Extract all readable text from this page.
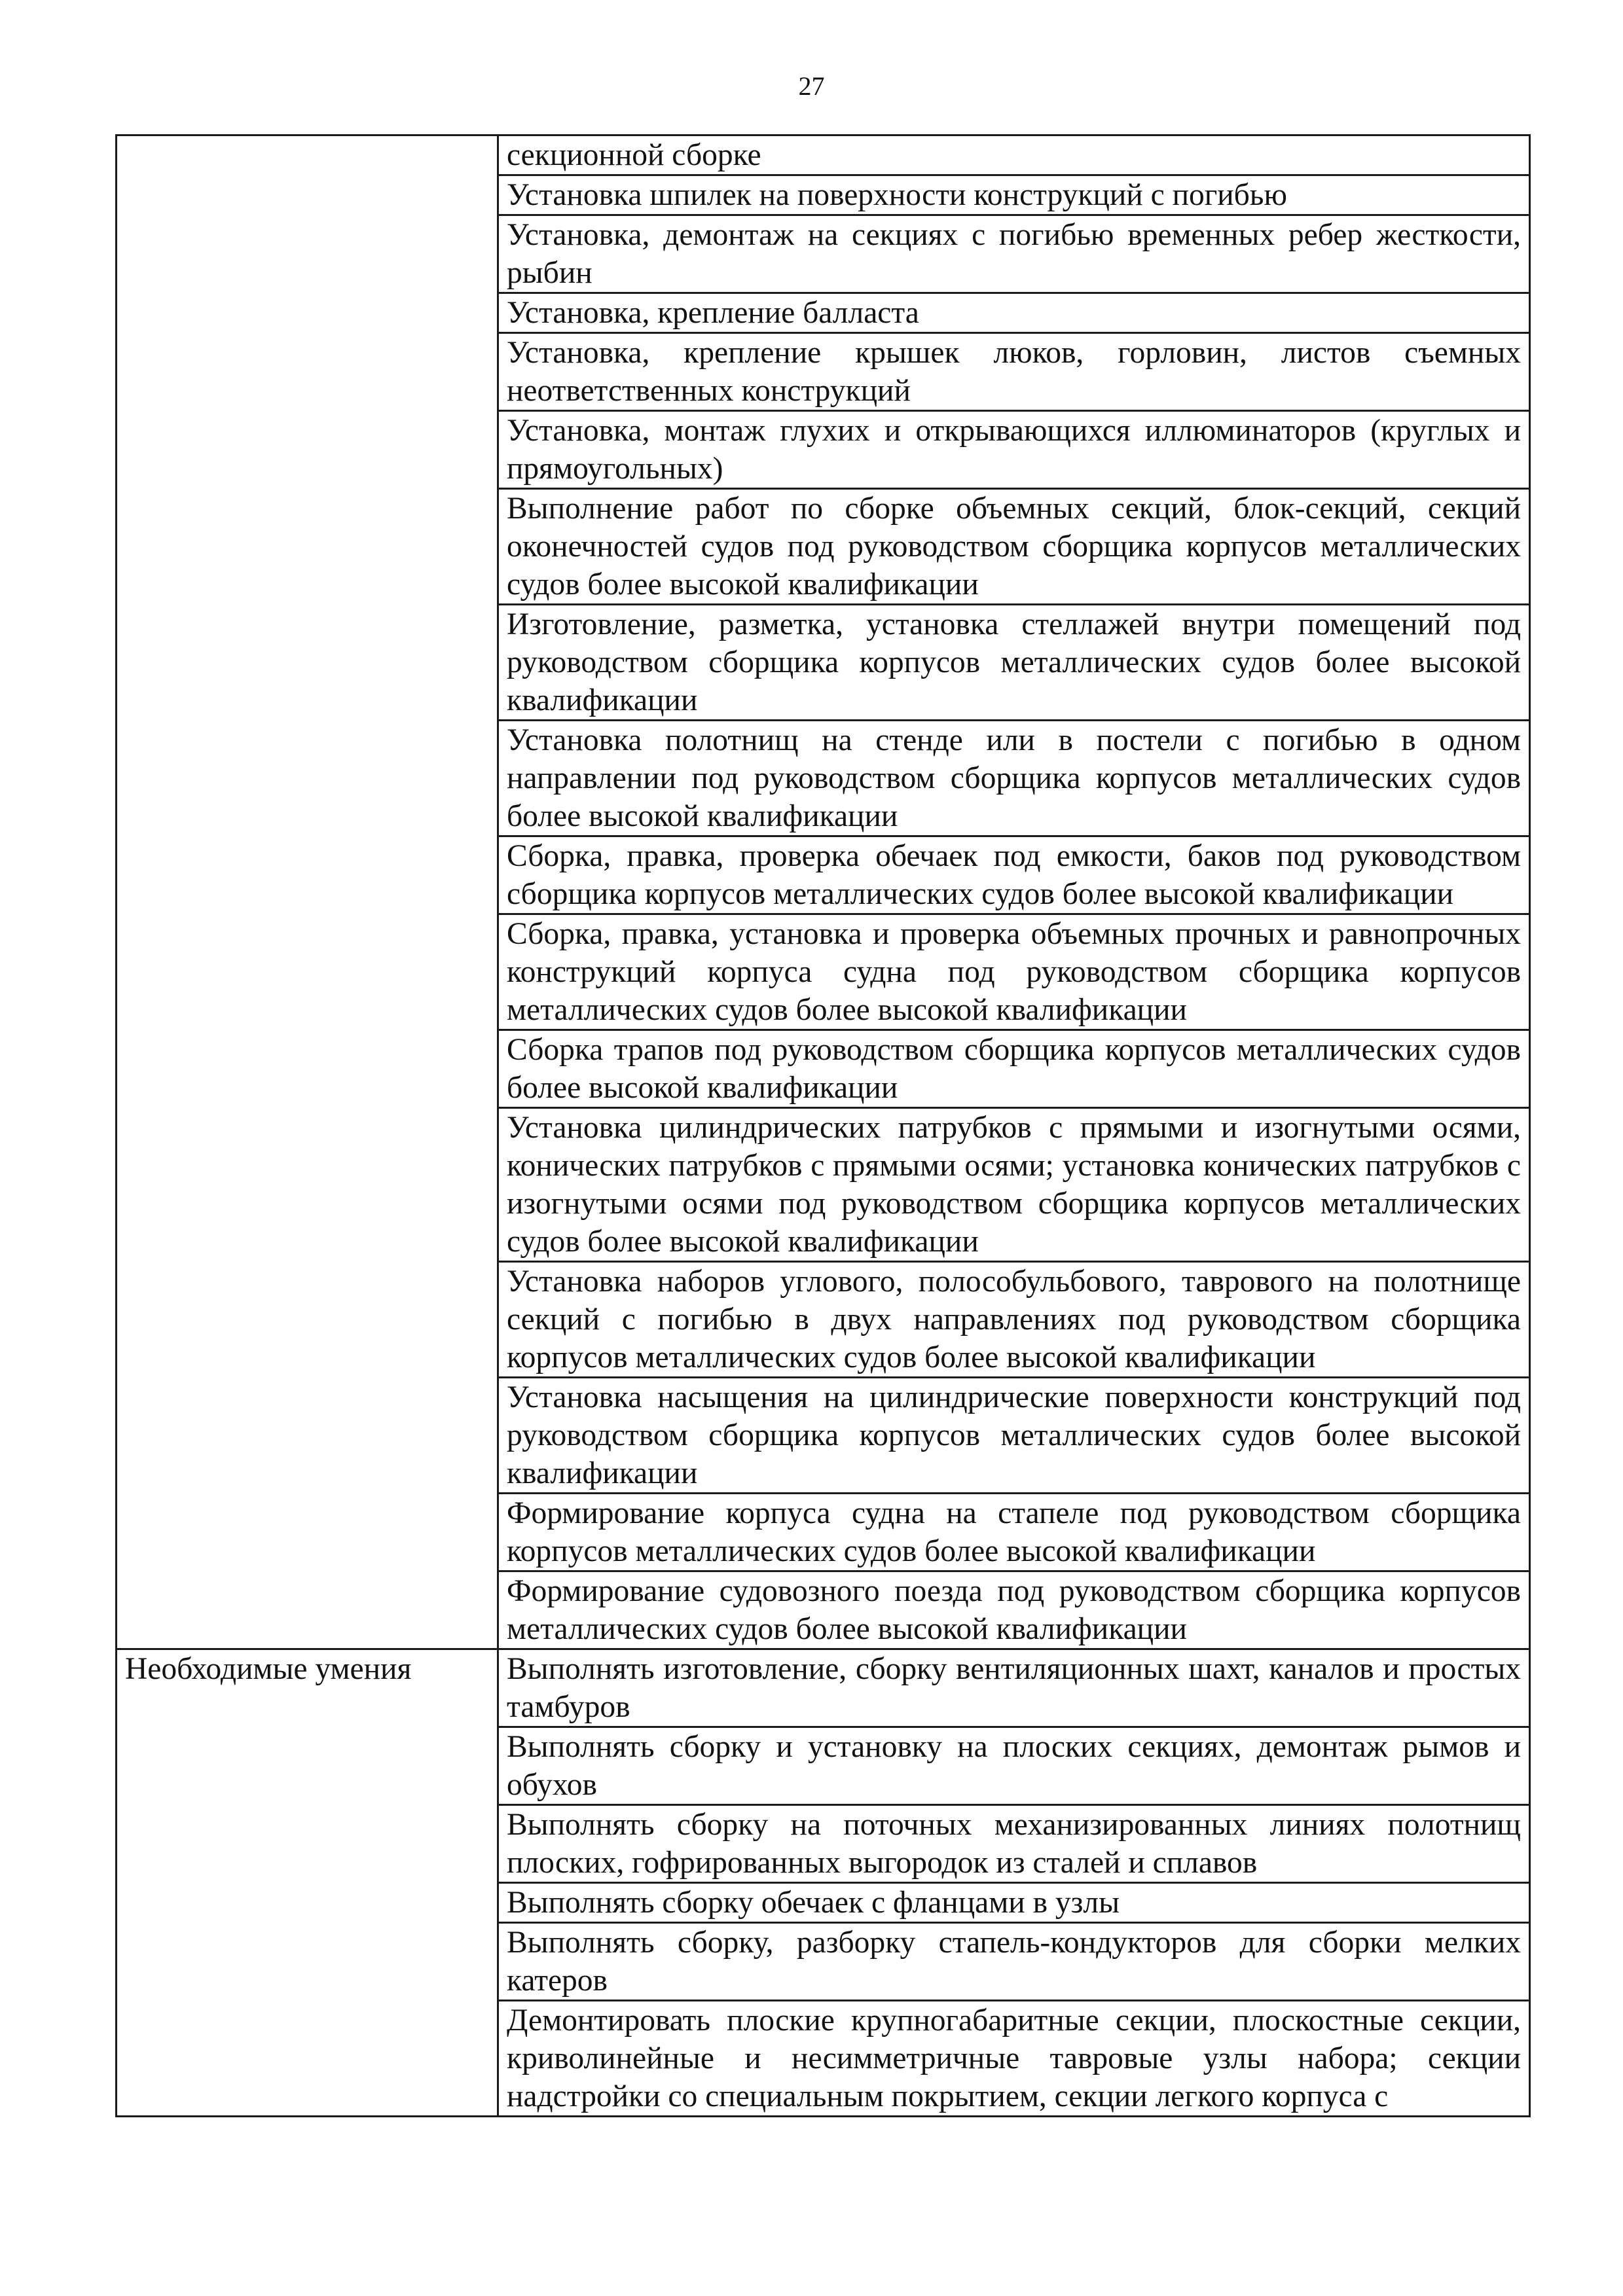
27

	секционной сборке

	Установка шпилек на поверхности конструкций с погибью

	Установка, демонтаж на секциях с погибью временных ребер жесткости, рыбин

	Установка, крепление балласта

	Установка, крепление крышек люков, горловин, листов съемных неответственных конструкций

	Установка, монтаж глухих и открывающихся иллюминаторов (круглых и прямоугольных)

	Выполнение работ по сборке объемных секций, блок-секций, секций оконечностей судов под руководством сборщика корпусов металлических судов более высокой квалификации

	Изготовление, разметка, установка стеллажей внутри помещений под руководством сборщика корпусов металлических судов более высокой квалификации

	Установка полотнищ на стенде или в постели с погибью в одном направлении под руководством сборщика корпусов металлических судов более высокой квалификации

	Сборка, правка, проверка обечаек под емкости, баков под руководством сборщика корпусов металлических судов более высокой квалификации

	Сборка, правка, установка и проверка объемных прочных и равнопрочных конструкций корпуса судна под руководством сборщика корпусов металлических судов более высокой квалификации

	Сборка трапов под руководством сборщика корпусов металлических судов более высокой квалификации

	Установка цилиндрических патрубков с прямыми и изогнутыми осями, конических патрубков с прямыми осями; установка конических патрубков с изогнутыми осями под руководством сборщика корпусов металлических судов более высокой квалификации

	Установка наборов углового, полособульбового, таврового на полотнище секций с погибью в двух направлениях под руководством сборщика корпусов металлических судов более высокой квалификации

	Установка насыщения на цилиндрические поверхности конструкций под руководством сборщика корпусов металлических судов более высокой квалификации

	Формирование корпуса судна на стапеле под руководством сборщика корпусов металлических судов более высокой квалификации

	Формирование судовозного поезда под руководством сборщика корпусов металлических судов более высокой квалификации

Необходимые умения	Выполнять изготовление, сборку вентиляционных шахт, каналов и простых тамбуров

	Выполнять сборку и установку на плоских секциях, демонтаж рымов и обухов

	Выполнять сборку на поточных механизированных линиях полотнищ плоских, гофрированных выгородок из сталей и сплавов

	Выполнять сборку обечаек с фланцами в узлы

	Выполнять сборку, разборку стапель-кондукторов для сборки мелких катеров

	Демонтировать плоские крупногабаритные секции, плоскостные секции, криволинейные и несимметричные тавровые узлы набора; секции надстройки со специальным покрытием, секции легкого корпуса с
